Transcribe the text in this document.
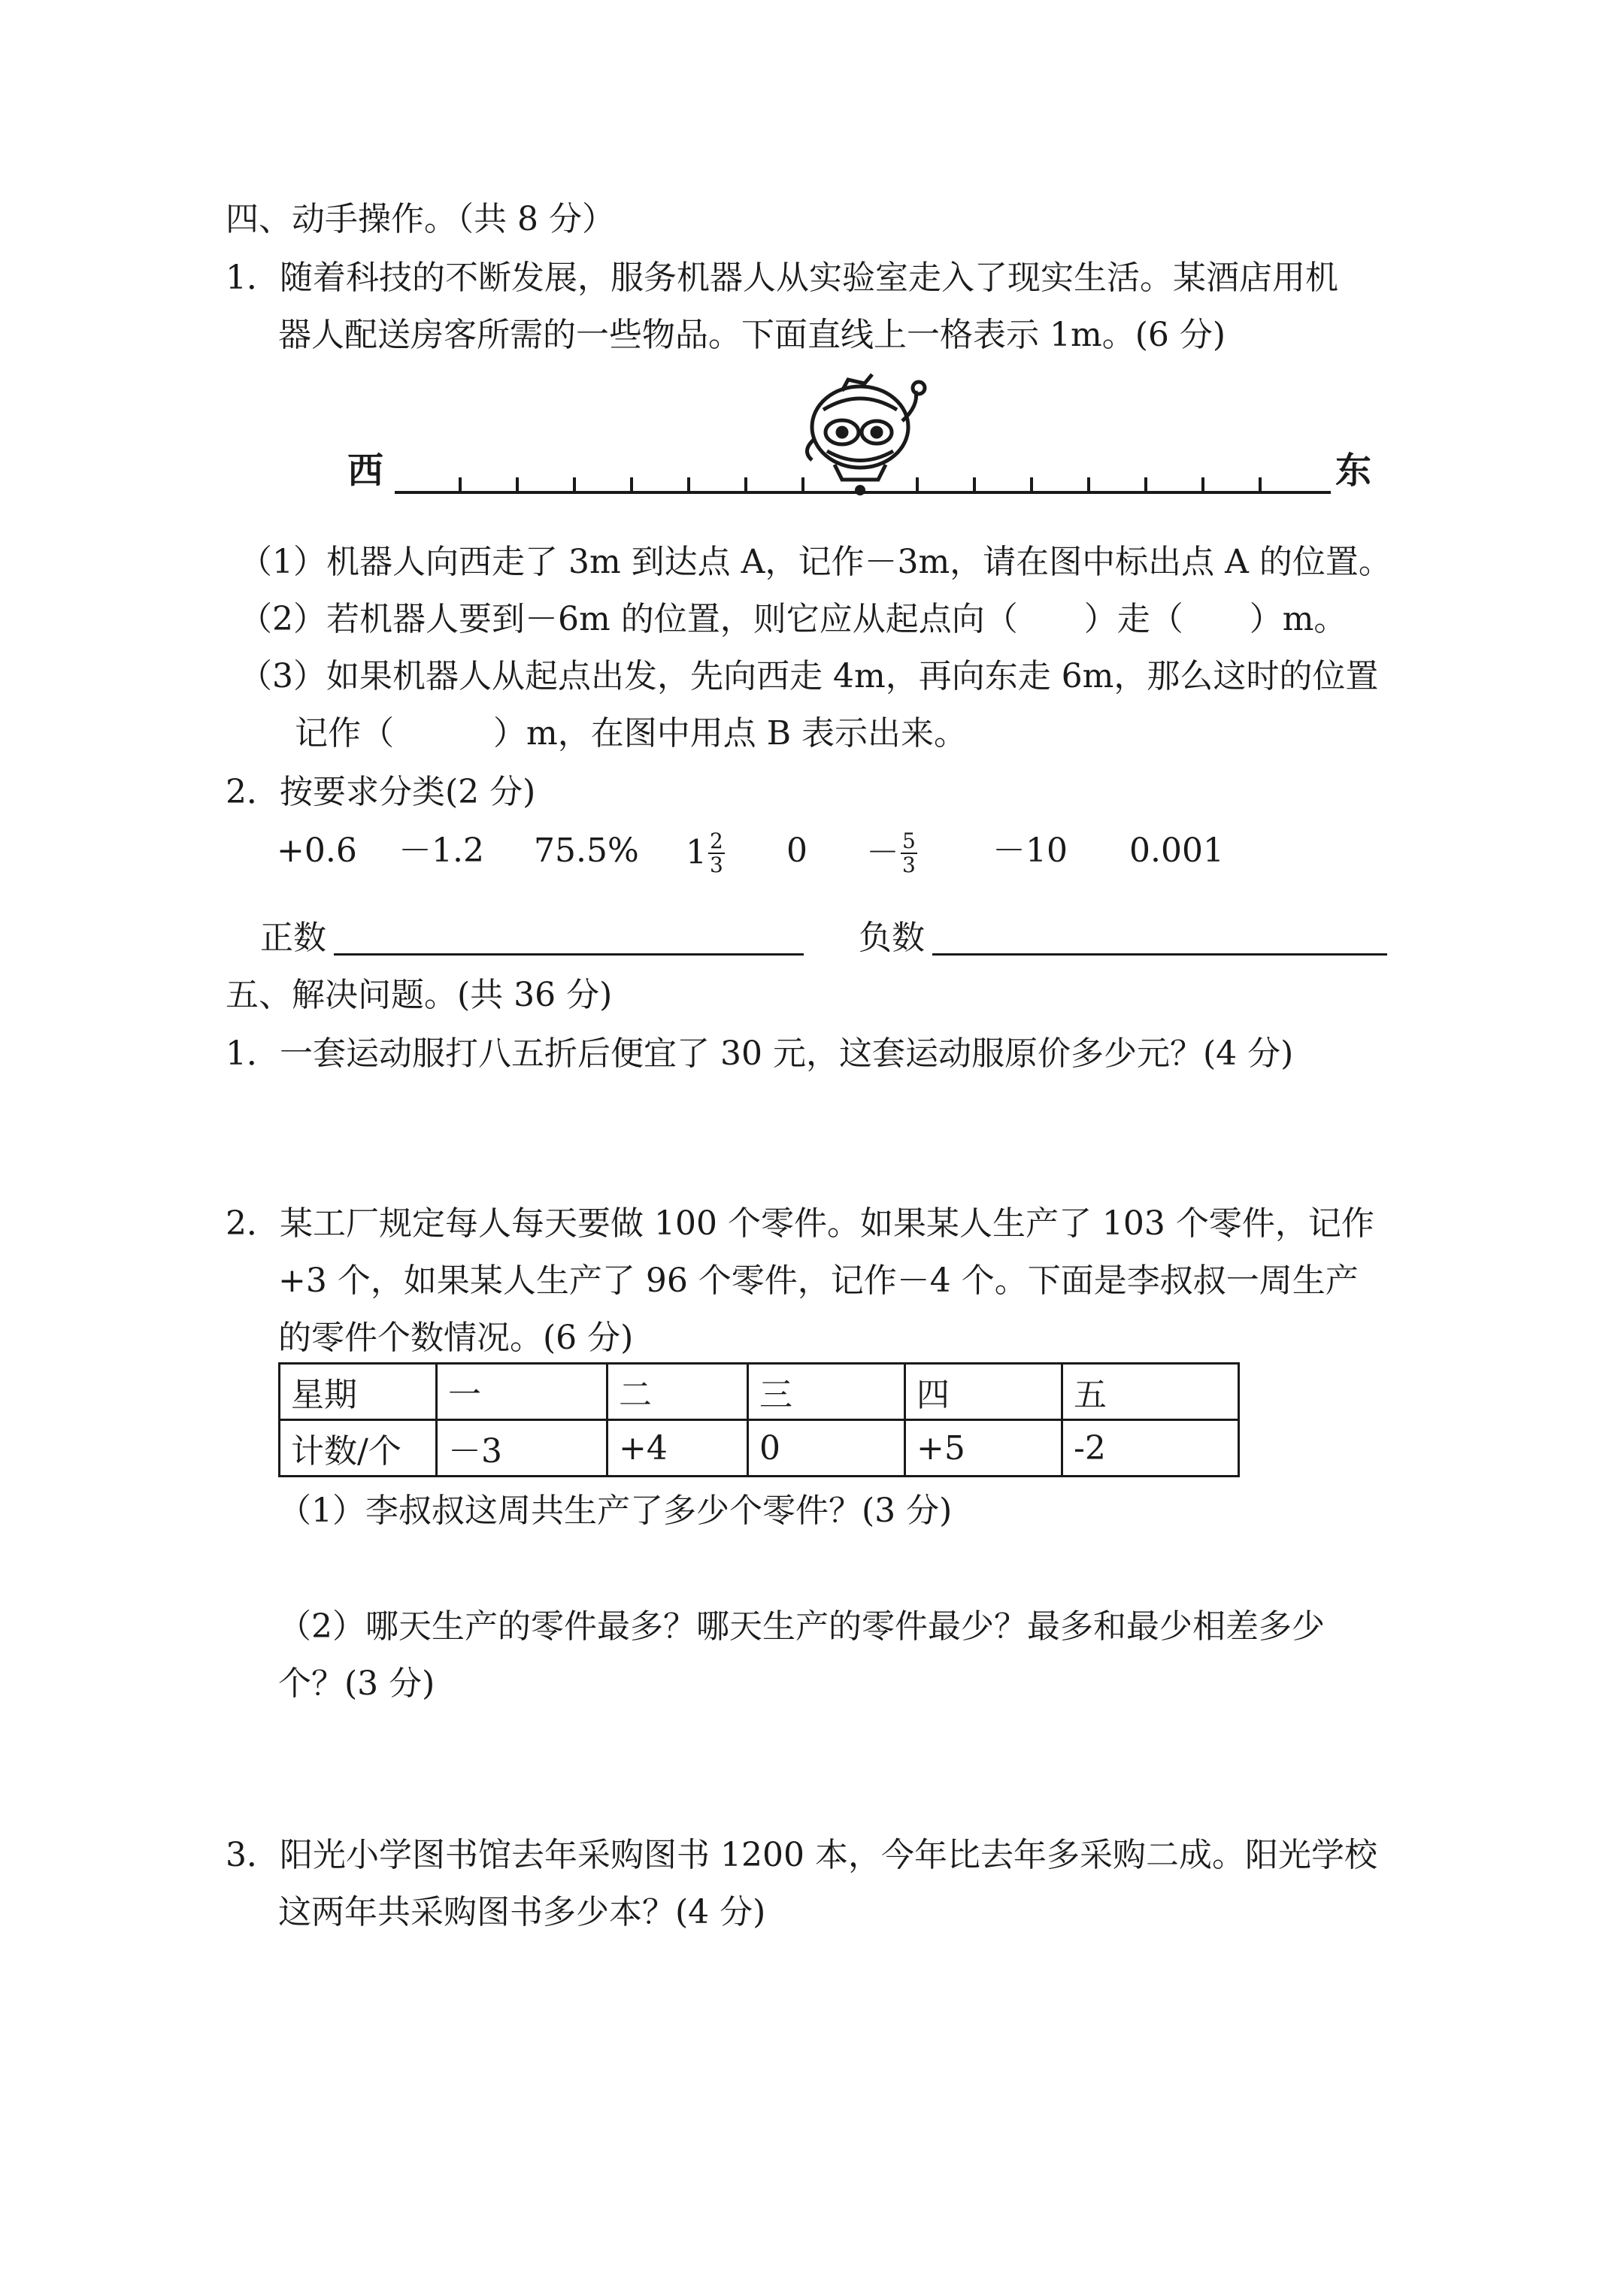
四、动手操作。（共 8 分）
1．随着科技的不断发展，服务机器人从实验室走入了现实生活。某酒店用机
器人配送房客所需的一些物品。下面直线上一格表示 1m。(6 分)
西	东
（1）机器人向西走了 3m 到达点 A，记作－3m，请在图中标出点 A 的位置。
（2）若机器人要到－6m 的位置，则它应从起点向（　　）走（　　）m。
（3）如果机器人从起点出发，先向西走 4m，再向东走 6m，那么这时的位置
记作（　　　）m，在图中用点 B 表示出来。
2．按要求分类(2 分)
+0.6 －1.2 75.5% $1 \frac{2}{3} 0 - \frac{5}{3} -10$ 0.001
正数	负数
五、解决问题。(共 36 分)
1．一套运动服打八五折后便宜了 30 元，这套运动服原价多少元？(4 分)
2．某工厂规定每人每天要做 100 个零件。如果某人生产了 103 个零件，记作
+3 个，如果某人生产了 96 个零件，记作－4 个。下面是李叔叔一周生产
的零件个数情况。(6 分)
星期	一	二	三	四	五
计数/个	－3	+4	0	+5	-2
（1）李叔叔这周共生产了多少个零件？(3 分)
（2）哪天生产的零件最多？哪天生产的零件最少？最多和最少相差多少
个？(3 分)
3．阳光小学图书馆去年采购图书 1200 本，今年比去年多采购二成。阳光学校
这两年共采购图书多少本？(4 分)
